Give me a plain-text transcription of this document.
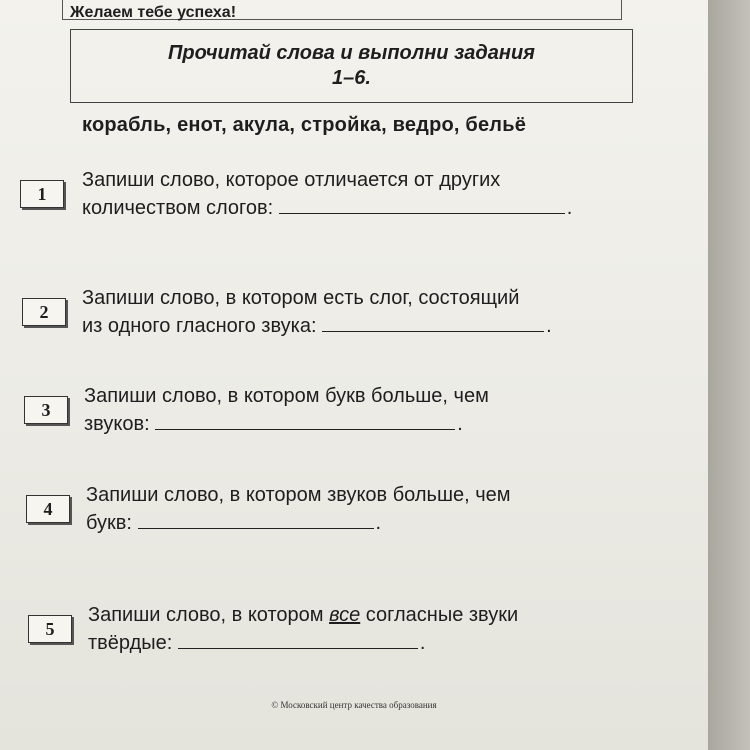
Желаем тебе успеха!
Прочитай слова и выполни задания
1–6.
корабль, енот, акула, стройка, ведро, бельё
1
Запиши слово, которое отличается от других
количеством слогов:	.
2
Запиши слово, в котором есть слог, состоящий
из одного гласного звука:	.
3
Запиши слово, в котором букв больше, чем
звуков:	.
4
Запиши слово, в котором звуков больше, чем
букв:	.
5
Запиши слово, в котором все согласные звуки
твёрдые:	.
© Московский центр качества образования
